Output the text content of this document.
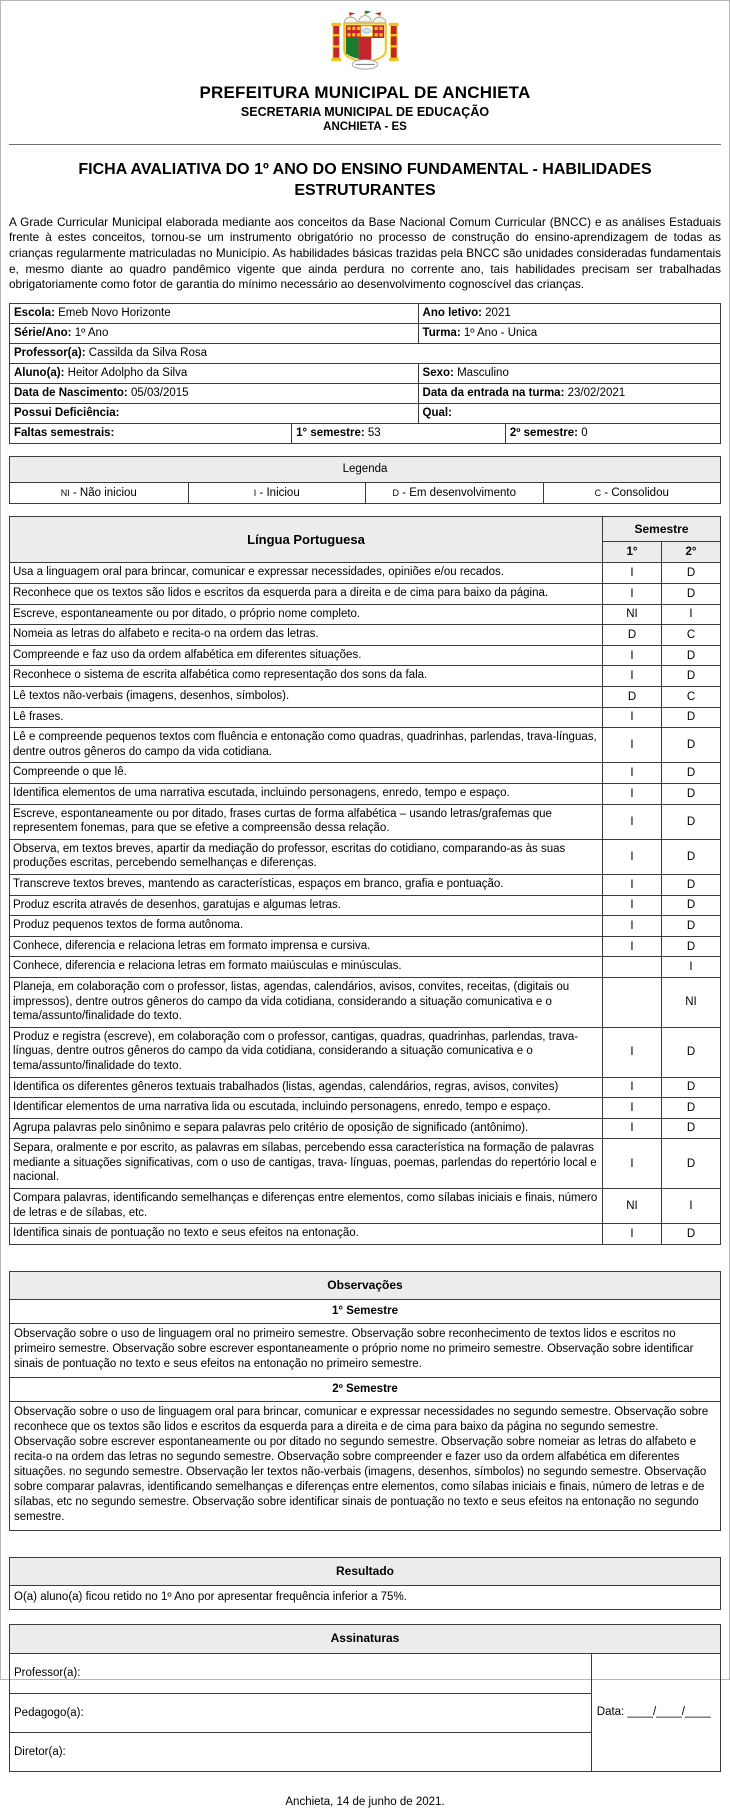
PREFEITURA MUNICIPAL DE ANCHIETA
SECRETARIA MUNICIPAL DE EDUCAÇÃO
ANCHIETA - ES
FICHA AVALIATIVA DO 1º ANO DO ENSINO FUNDAMENTAL - HABILIDADES ESTRUTURANTES

A Grade Curricular Municipal elaborada mediante aos conceitos da Base Nacional Comum Curricular (BNCC) e as análises Estaduais frente à estes conceitos, tornou-se um instrumento obrigatório no processo de construção do ensino-aprendizagem de todas as crianças regularmente matriculadas no Município. As habilidades básicas trazidas pela BNCC são unidades consideradas fundamentais e, mesmo diante ao quadro pandêmico vigente que ainda perdura no corrente ano, tais habilidades precisam ser trabalhadas obrigatoriamente como fotor de garantia do mínimo necessário ao desenvolvimento cognoscível das crianças.

Escola: Emeb Novo Horizonte	Ano letivo: 2021
Série/Ano: 1º Ano	Turma: 1º Ano - Unica
Professor(a): Cassilda da Silva Rosa
Aluno(a): Heitor Adolpho da Silva	Sexo: Masculino
Data de Nascimento: 05/03/2015	Data da entrada na turma: 23/02/2021
Possui Deficiência:	Qual:
Faltas semestrais:	1° semestre: 53	2º semestre: 0
Legenda
NI - Não iniciou	I - Iniciou	D - Em desenvolvimento	C - Consolidou
Língua Portuguesa	Semestre	
	1°	2°
Usa a linguagem oral para brincar, comunicar e expressar necessidades, opiniões e/ou recados.	I	D
Reconhece que os textos são lidos e escritos da esquerda para a direita e de cima para baixo da página.	I	D
Escreve, espontaneamente ou por ditado, o próprio nome completo.	NI	I
Nomeia as letras do alfabeto e recita-o na ordem das letras.	D	C
Compreende e faz uso da ordem alfabética em diferentes situações.	I	D
Reconhece o sistema de escrita alfabética como representação dos sons da fala.	I	D
Lê textos não-verbais (imagens, desenhos, símbolos).	D	C
Lê frases.	I	D
Lê e compreende pequenos textos com fluência e entonação como quadras, quadrinhas, parlendas, trava-línguas, dentre outros gêneros do campo da vida cotidiana.	I	D
Compreende o que lê.	I	D
Identifica elementos de uma narrativa escutada, incluindo personagens, enredo, tempo e espaço.	I	D
Escreve, espontaneamente ou por ditado, frases curtas de forma alfabética – usando letras/grafemas que representem fonemas, para que se efetive a compreensão dessa relação.	I	D
Observa, em textos breves, apartir da mediação do professor, escritas do cotidiano, comparando-as às suas produções escritas, percebendo semelhanças e diferenças.	I	D
Transcreve textos breves, mantendo as características, espaços em branco, grafia e pontuação.	I	D
Produz escrita através de desenhos, garatujas e algumas letras.	I	D
Produz pequenos textos de forma autônoma.	I	D
Conhece, diferencia e relaciona letras em formato imprensa e cursiva.	I	D
Conhece, diferencia e relaciona letras em formato maiúsculas e minúsculas.		I
Planeja, em colaboração com o professor, listas, agendas, calendários, avisos, convites, receitas, (digitais ou impressos), dentre outros gêneros do campo da vida cotidiana, considerando a situação comunicativa e o tema/assunto/finalidade do texto.		NI
Produz e registra (escreve), em colaboração com o professor, cantigas, quadras, quadrinhas, parlendas, trava- línguas, dentre outros gêneros do campo da vida cotidiana, considerando a situação comunicativa e o tema/assunto/finalidade do texto.	I	D
Identifica os diferentes gêneros textuais trabalhados (listas, agendas, calendários, regras, avisos, convites)	I	D
Identificar elementos de uma narrativa lida ou escutada, incluindo personagens, enredo, tempo e espaço.	I	D
Agrupa palavras pelo sinônimo e separa palavras pelo critério de oposição de significado (antônimo).	I	D
Separa, oralmente e por escrito, as palavras em sílabas, percebendo essa característica na formação de palavras mediante a situações significativas, com o uso de cantigas, trava- línguas, poemas, parlendas do repertório local e nacional.	I	D
Compara palavras, identificando semelhanças e diferenças entre elementos, como sílabas iniciais e finais, número de letras e de sílabas, etc.	NI	I
Identifica sinais de pontuação no texto e seus efeitos na entonação.	I	D
Observações
1° Semestre
Observação sobre o uso de linguagem oral no primeiro semestre. Observação sobre reconhecimento de textos lidos e escritos no primeiro semestre. Observação sobre escrever espontaneamente o próprio nome no primeiro semestre. Observação sobre identificar sinais de pontuação no texto e seus efeitos na entonação no primeiro semestre.
2º Semestre
Observação sobre o uso de linguagem oral para brincar, comunicar e expressar necessidades no segundo semestre. Observação sobre reconhece que os textos são lidos e escritos da esquerda para a direita e de cima para baixo da página no segundo semestre. Observação sobre escrever espontaneamente ou por ditado no segundo semestre. Observação sobre nomeiar as letras do alfabeto e recita-o na ordem das letras no segundo semestre. Observação sobre compreender e fazer uso da ordem alfabética em diferentes situações. no segundo semestre. Observação ler textos não-verbais (imagens, desenhos, símbolos) no segundo semestre. Observação sobre comparar palavras, identificando semelhanças e diferenças entre elementos, como sílabas iniciais e finais, número de letras e de sílabas, etc no segundo semestre. Observação sobre identificar sinais de pontuação no texto e seus efeitos na entonação no segundo semestre.
Resultado
O(a) aluno(a) ficou retido no 1º Ano por apresentar frequência inferior a 75%.
Assinaturas
Professor(a):
Pedagogo(a):
Diretor(a):
Data: ____/____/____
Anchieta, 14 de junho de 2021.
